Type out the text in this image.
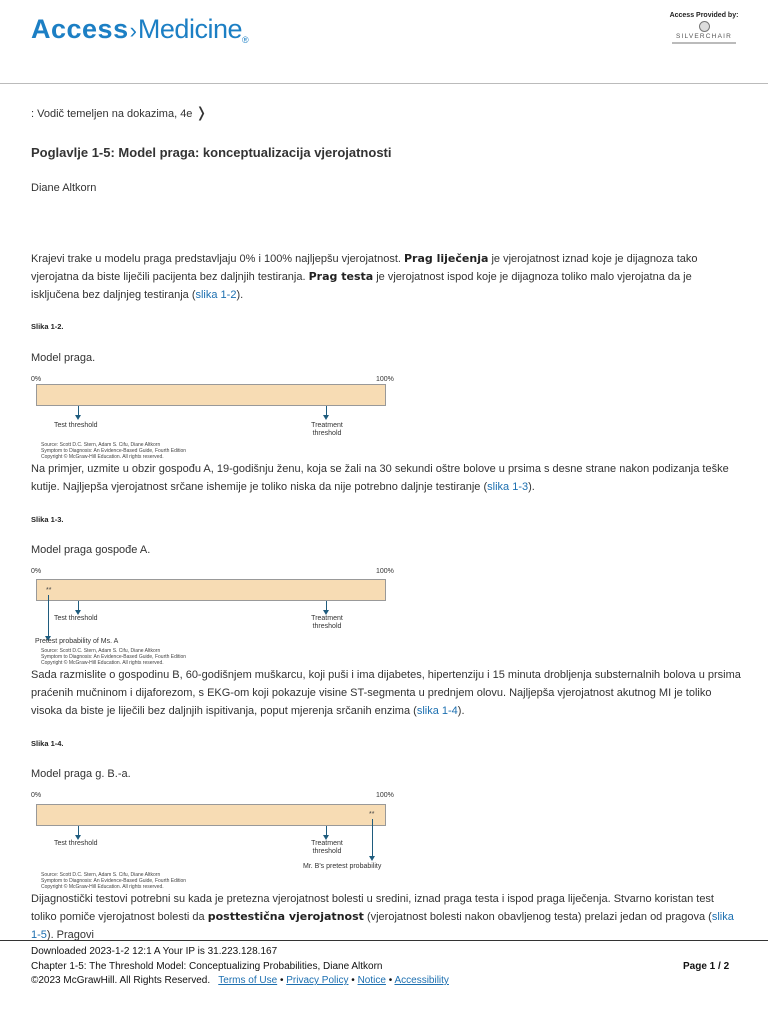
Access›Medicine®
Access Provided by:
SILVERCHAIR
: Vodič temeljen na dokazima, 4e ❭
Poglavlje 1-5: Model praga: konceptualizacija vjerojatnosti
Diane Altkorn
Krajevi trake u modelu praga predstavljaju 0% i 100% najljepšu vjerojatnost. Prag liječenja je vjerojatnost iznad koje je dijagnoza tako vjerojatna da biste liječili pacijenta bez daljnjih testiranja. Prag testa je vjerojatnost ispod koje je dijagnoza toliko malo vjerojatna da je isključena bez daljnjeg testiranja (slika 1-2).
Slika 1-2.
Model praga.
0%	100%
Test threshold	Treatment
threshold
Source: Scott D.C. Stern, Adam S. Cifu, Diane Altkorn
Symptom to Diagnosis: An Evidence-Based Guide, Fourth Edition
Copyright © McGraw-Hill Education. All rights reserved.
Na primjer, uzmite u obzir gospođu A, 19-godišnju ženu, koja se žali na 30 sekundi oštre bolove u prsima s desne strane nakon podizanja teške kutije. Najljepša vjerojatnost srčane ishemije je toliko niska da nije potrebno daljnje testiranje (slika 1-3).
Slika 1-3.
Model praga gospođe A.
0%	100%
**
Test threshold	Treatment
threshold
Pretest probability of Ms. A
Source: Scott D.C. Stern, Adam S. Cifu, Diane Altkorn
Symptom to Diagnosis: An Evidence-Based Guide, Fourth Edition
Copyright © McGraw-Hill Education. All rights reserved.
Sada razmislite o gospodinu B, 60-godišnjem muškarcu, koji puši i ima dijabetes, hipertenziju i 15 minuta drobljenja substernalnih bolova u prsima praćenih mučninom i dijaforezom, s EKG-om koji pokazuje visine ST-segmenta u prednjem olovu. Najljepša vjerojatnost akutnog MI je toliko visoka da biste je liječili bez daljnjih ispitivanja, poput mjerenja srčanih enzima (slika 1-4).
Slika 1-4.
Model praga g. B.-a.
0%	100%
**
Test threshold	Treatment
threshold
Mr. B's pretest probability
Source: Scott D.C. Stern, Adam S. Cifu, Diane Altkorn
Symptom to Diagnosis: An Evidence-Based Guide, Fourth Edition
Copyright © McGraw-Hill Education. All rights reserved.
Dijagnostički testovi potrebni su kada je pretezna vjerojatnost bolesti u sredini, iznad praga testa i ispod praga liječenja. Stvarno koristan test toliko pomiče vjerojatnost bolesti da posttestična vjerojatnost (vjerojatnost bolesti nakon obavljenog testa) prelazi jedan od pragova (slika 1-5). Pragovi
Downloaded 2023-1-2 12:1 A Your IP is 31.223.128.167
Chapter 1-5: The Threshold Model: Conceptualizing Probabilities, Diane Altkorn
©2023 McGrawHill. All Rights Reserved. Terms of Use • Privacy Policy • Notice • Accessibility
Page 1 / 2
